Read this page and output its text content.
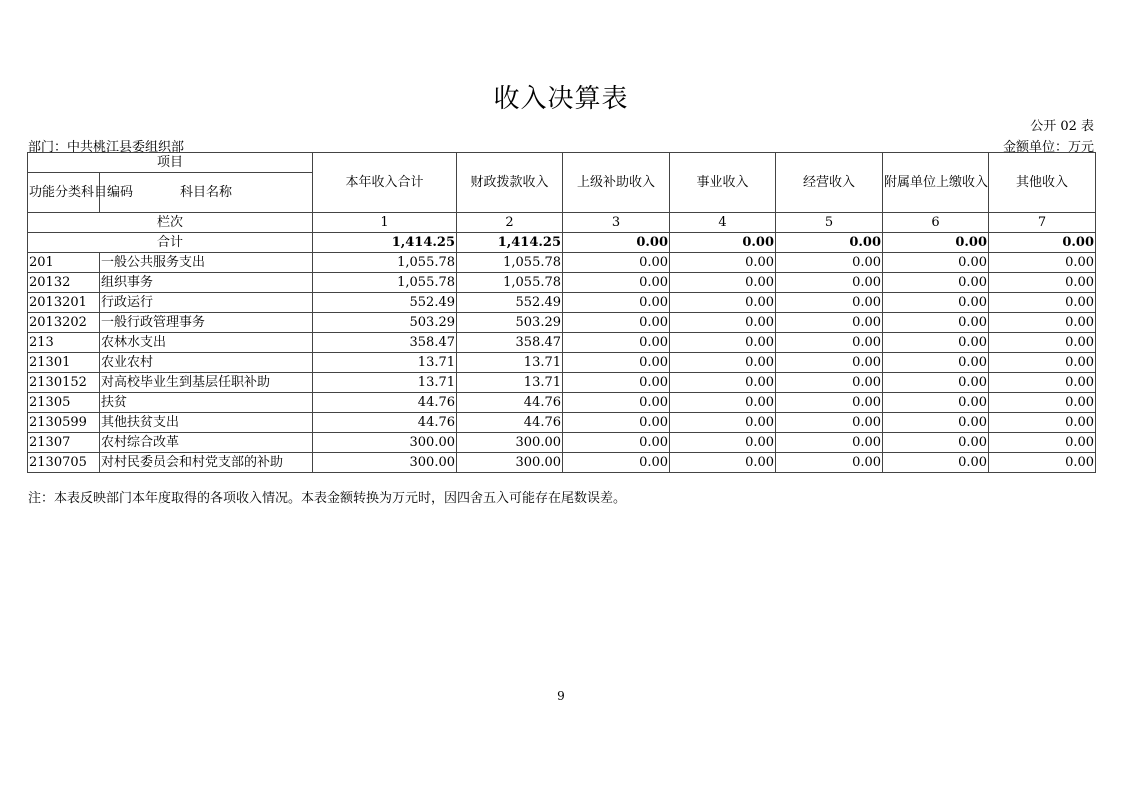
收入决算表
公开 02 表
部门：中共桃江县委组织部	金额单位：万元
项目		本年收入合计	财政拨款收入	上级补助收入	事业收入	经营收入	附属单位上缴收入	其他收入
功能分类科目编码	科目名称							
栏次		1	2	3	4	5	6	7
合计		1,414.25	1,414.25	0.00	0.00	0.00	0.00	0.00
201	一般公共服务支出	1,055.78	1,055.78	0.00	0.00	0.00	0.00	0.00
20132	组织事务	1,055.78	1,055.78	0.00	0.00	0.00	0.00	0.00
2013201	行政运行	552.49	552.49	0.00	0.00	0.00	0.00	0.00
2013202	一般行政管理事务	503.29	503.29	0.00	0.00	0.00	0.00	0.00
213	农林水支出	358.47	358.47	0.00	0.00	0.00	0.00	0.00
21301	农业农村	13.71	13.71	0.00	0.00	0.00	0.00	0.00
2130152	对高校毕业生到基层任职补助	13.71	13.71	0.00	0.00	0.00	0.00	0.00
21305	扶贫	44.76	44.76	0.00	0.00	0.00	0.00	0.00
2130599	其他扶贫支出	44.76	44.76	0.00	0.00	0.00	0.00	0.00
21307	农村综合改革	300.00	300.00	0.00	0.00	0.00	0.00	0.00
2130705	对村民委员会和村党支部的补助	300.00	300.00	0.00	0.00	0.00	0.00	0.00
注：本表反映部门本年度取得的各项收入情况。本表金额转换为万元时，因四舍五入可能存在尾数误差。
9
